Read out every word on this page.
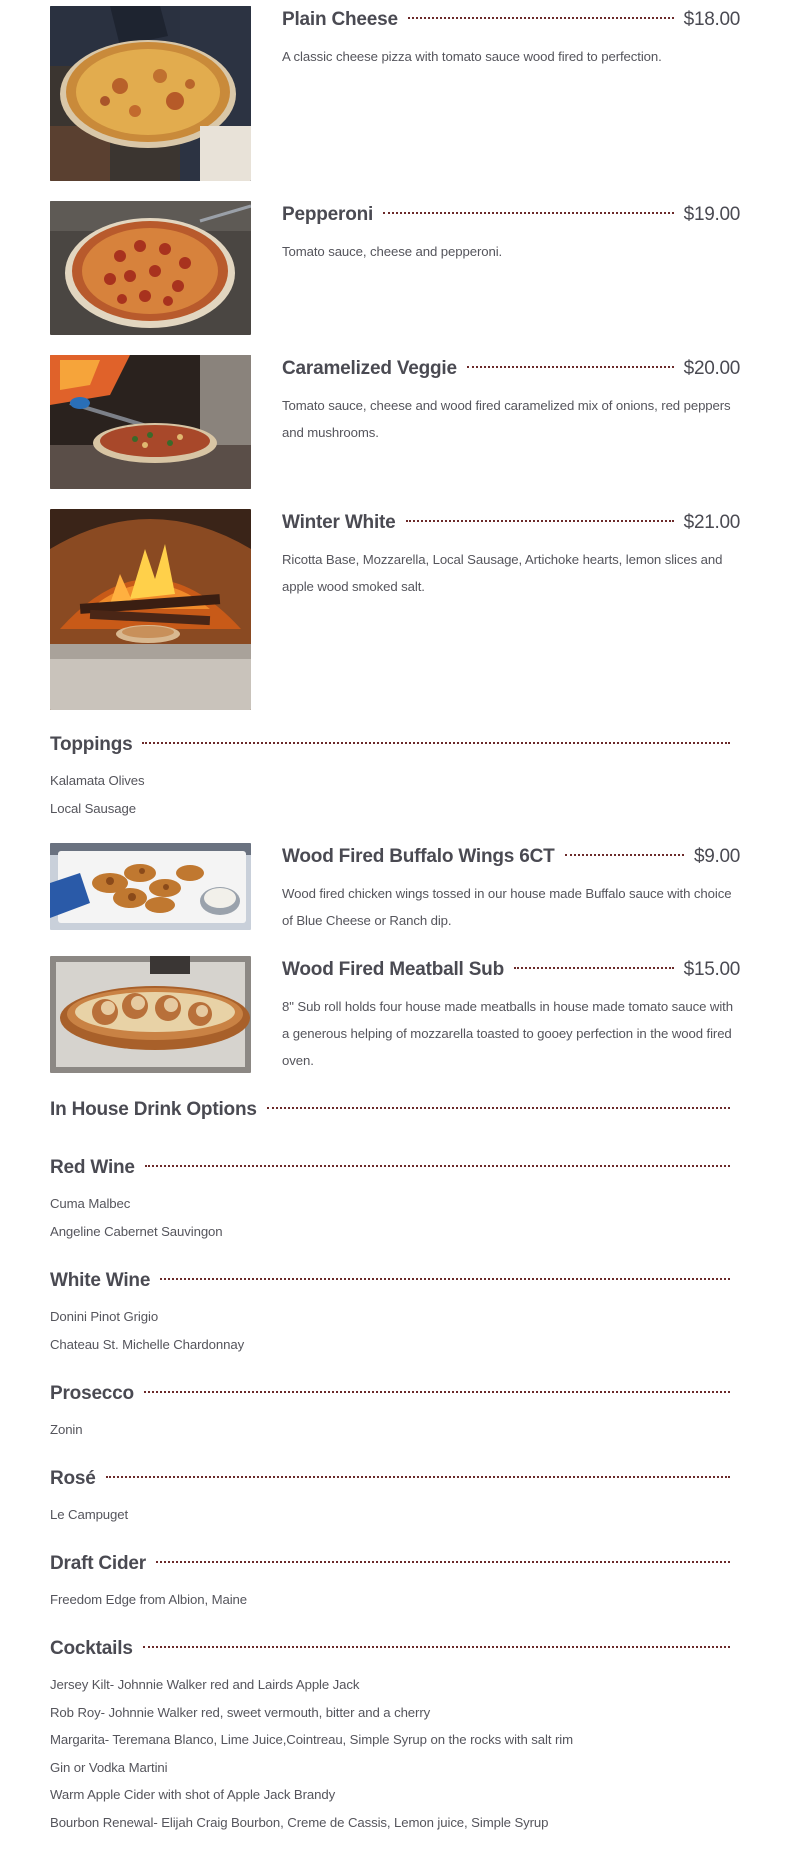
Plain Cheese	$18.00
A classic cheese pizza with tomato sauce wood fired to perfection.
Pepperoni	$19.00
Tomato sauce, cheese and pepperoni.
Caramelized Veggie	$20.00
Tomato sauce, cheese and wood fired caramelized mix of onions, red peppers and mushrooms.
Winter White	$21.00
Ricotta Base, Mozzarella, Local Sausage, Artichoke hearts, lemon slices and apple wood smoked salt.
Toppings
Kalamata Olives
Local Sausage
Wood Fired Buffalo Wings 6CT	$9.00
Wood fired chicken wings tossed in our house made Buffalo sauce with choice of Blue Cheese or Ranch dip.
Wood Fired Meatball Sub	$15.00
8" Sub roll holds four house made meatballs in house made tomato sauce with a generous helping of mozzarella toasted to gooey perfection in the wood fired oven.
In House Drink Options
Red Wine
Cuma Malbec
Angeline Cabernet Sauvingon
White Wine
Donini Pinot Grigio
Chateau St. Michelle Chardonnay
Prosecco
Zonin
Rosé
Le Campuget
Draft Cider
Freedom Edge from Albion, Maine
Cocktails
Jersey Kilt- Johnnie Walker red and Lairds Apple Jack
Rob Roy- Johnnie Walker red, sweet vermouth, bitter and a cherry
Margarita- Teremana Blanco, Lime Juice,Cointreau, Simple Syrup on the rocks with salt rim
Gin or Vodka Martini
Warm Apple Cider with shot of Apple Jack Brandy
Bourbon Renewal- Elijah Craig Bourbon, Creme de Cassis, Lemon juice, Simple Syrup
